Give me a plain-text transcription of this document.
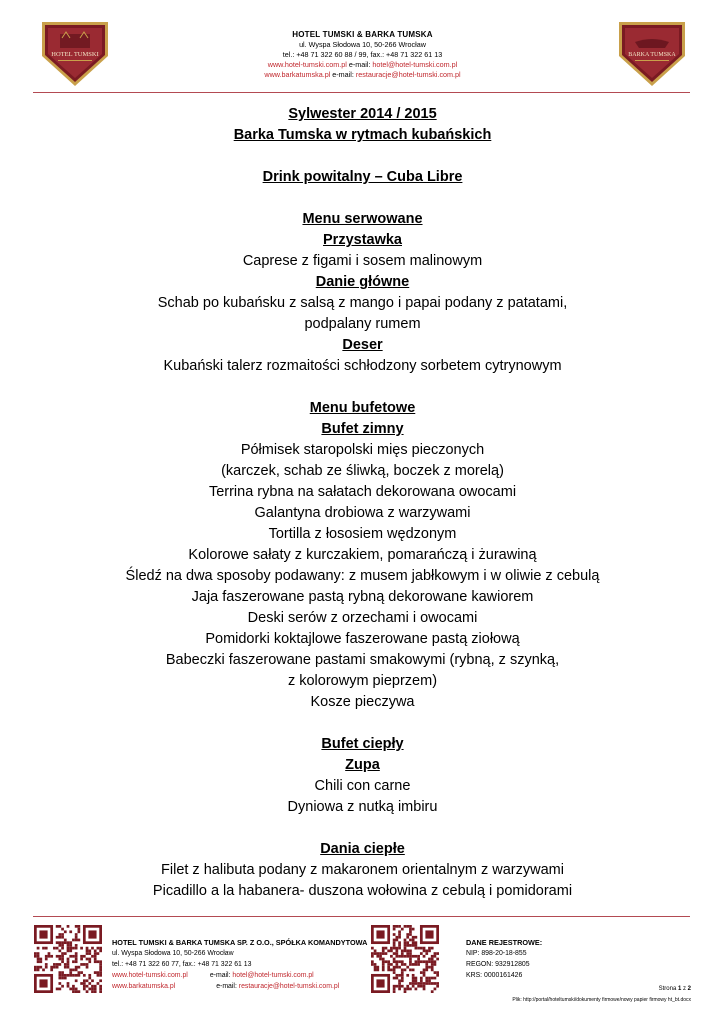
HOTEL TUMSKI	BARKA TUMSKA
HOTEL TUMSKI & BARKA TUMSKA
ul. Wyspa Słodowa 10, 50-266 Wrocław
tel.: +48 71 322 60 88 / 99, fax.: +48 71 322 61 13
www.hotel-tumski.com.pl e-mail: hotel@hotel-tumski.com.pl
www.barkatumska.pl e-mail: restauracje@hotel-tumski.com.pl
Sylwester 2014 / 2015
Barka Tumska w rytmach kubańskich
Drink powitalny – Cuba Libre
Menu serwowane
Przystawka
Caprese z figami i sosem malinowym
Danie główne
Schab po kubańsku z salsą z mango i papai podany z patatami,
podpalany rumem
Deser
Kubański talerz rozmaitości schłodzony sorbetem cytrynowym
Menu bufetowe
Bufet zimny
Półmisek staropolski mięs pieczonych
(karczek, schab ze śliwką, boczek z morelą)
Terrina rybna na sałatach dekorowana owocami
Galantyna drobiowa z warzywami
Tortilla z łososiem wędzonym
Kolorowe sałaty z kurczakiem, pomarańczą i żurawiną
Śledź na dwa sposoby podawany: z musem jabłkowym i w oliwie z cebulą
Jaja faszerowane pastą rybną dekorowane kawiorem
Deski serów z orzechami i owocami
Pomidorki koktajlowe faszerowane pastą ziołową
Babeczki faszerowane pastami smakowymi (rybną, z szynką,
z kolorowym pieprzem)
Kosze pieczywa
Bufet ciepły
Zupa
Chili con carne
Dyniowa z nutką imbiru
Dania ciepłe
Filet z halibuta podany z makaronem orientalnym z warzywami
Picadillo a la habanera- duszona wołowina z cebulą i pomidorami
HOTEL TUMSKI & BARKA TUMSKA SP. Z O.O., SPÓŁKA KOMANDYTOWA
ul. Wyspa Słodowa 10, 50-266 Wrocław
tel.: +48 71 322 60 77, fax.: +48 71 322 61 13
www.hotel-tumski.com.pl	e-mail: hotel@hotel-tumski.com.pl
www.barkatumska.pl	e-mail: restauracje@hotel-tumski.com.pl
DANE REJESTROWE:
NIP: 898-20-18-855
REGON: 932912805
KRS: 0000161426
Strona 1 z 2
Plik: http://portal/hoteltumski/dokumenty firmowe/nowy papier firmowy ht_bt.docx
